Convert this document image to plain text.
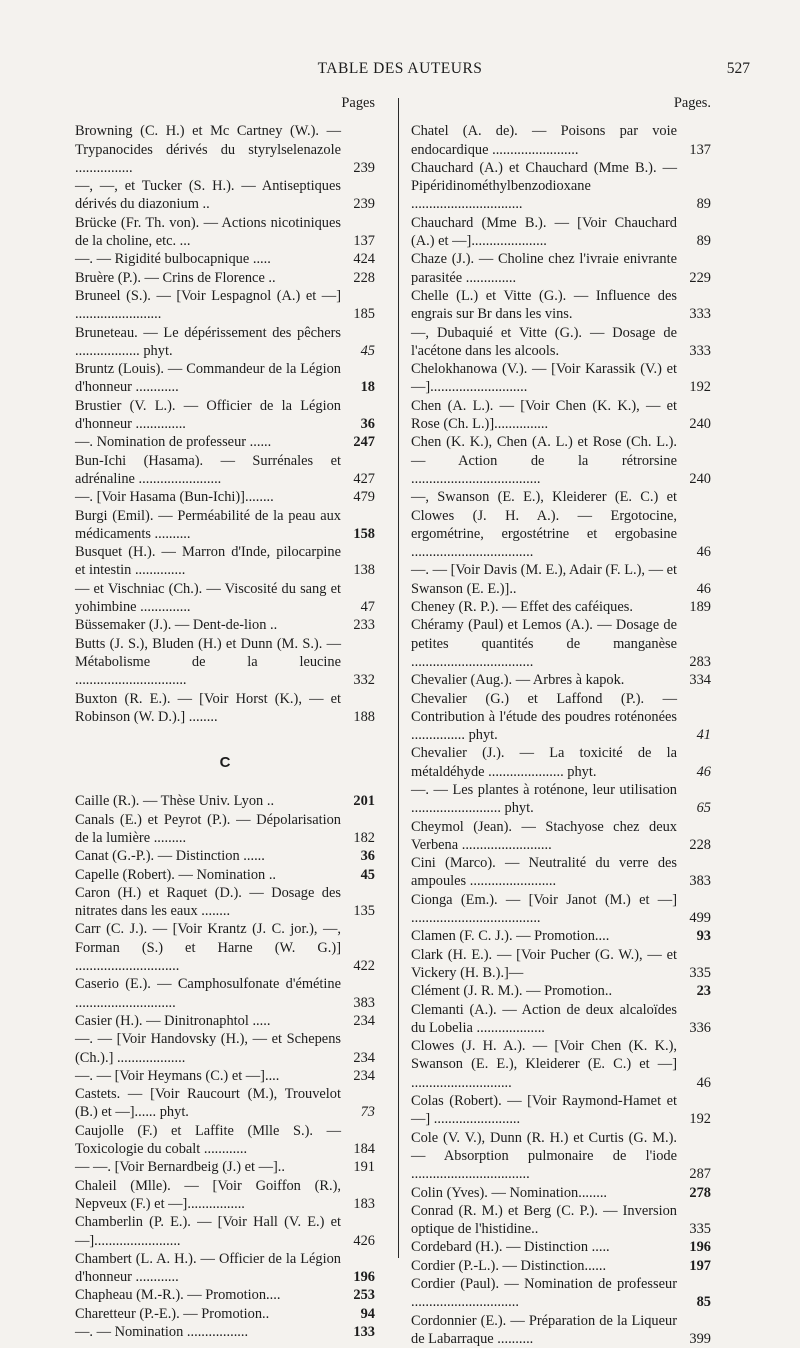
TABLE DES AUTEURS	527
Pages
Browning (C. H.) et Mc Cartney (W.). — Trypanocides dérivés du styrylselenazole ................	239
—, —, et Tucker (S. H.). — Antiseptiques dérivés du diazonium ..	239
Brücke (Fr. Th. von). — Actions nicotiniques de la choline, etc. ...	137
—. — Rigidité bulbocapnique .....	424
Bruère (P.). — Crins de Florence ..	228
Bruneel (S.). — [Voir Lespagnol (A.) et —] ........................	185
Bruneteau. — Le dépérissement des pêchers .................. phyt.	45
Bruntz (Louis). — Commandeur de la Légion d'honneur ............	18
Brustier (V. L.). — Officier de la Légion d'honneur ..............	36
—. Nomination de professeur ......	247
Bun-Ichi (Hasama). — Surrénales et adrénaline .......................	427
—. [Voir Hasama (Bun-Ichi)]........	479
Burgi (Emil). — Perméabilité de la peau aux médicaments ..........	158
Busquet (H.). — Marron d'Inde, pilocarpine et intestin ..............	138
— et Vischniac (Ch.). — Viscosité du sang et yohimbine ..............	47
Büssemaker (J.). — Dent-de-lion ..	233
Butts (J. S.), Bluden (H.) et Dunn (M. S.). — Métabolisme de la leucine ...............................	332
Buxton (R. E.). — [Voir Horst (K.), — et Robinson (W. D.).] ........	188
C
Caille (R.). — Thèse Univ. Lyon ..	201
Canals (E.) et Peyrot (P.). — Dépolarisation de la lumière .........	182
Canat (G.-P.). — Distinction ......	36
Capelle (Robert). — Nomination ..	45
Caron (H.) et Raquet (D.). — Dosage des nitrates dans les eaux ........	135
Carr (C. J.). — [Voir Krantz (J. C. jor.), —, Forman (S.) et Harne (W. G.)] .............................	422
Caserio (E.). — Camphosulfonate d'émétine ............................	383
Casier (H.). — Dinitronaphtol .....	234
—. — [Voir Handovsky (H.), — et Schepens (Ch.).] ...................	234
—. — [Voir Heymans (C.) et —]....	234
Castets. — [Voir Raucourt (M.), Trouvelot (B.) et —]...... phyt.	73
Caujolle (F.) et Laffite (Mlle S.). — Toxicologie du cobalt ............	184
— —. [Voir Bernardbeig (J.) et —]..	191
Chaleil (Mlle). — [Voir Goiffon (R.), Nepveux (F.) et —]................	183
Chamberlin (P. E.). — [Voir Hall (V. E.) et —]........................	426
Chambert (L. A. H.). — Officier de la Légion d'honneur ............	196
Chapheau (M.-R.). — Promotion....	253
Charetteur (P.-E.). — Promotion..	94
—. — Nomination .................	133
Pages.
Chatel (A. de). — Poisons par voie endocardique ........................	137
Chauchard (A.) et Chauchard (Mme B.). — Pipéridinométhylbenzodioxane ...............................	89
Chauchard (Mme B.). — [Voir Chauchard (A.) et —].....................	89
Chaze (J.). — Choline chez l'ivraie enivrante parasitée ..............	229
Chelle (L.) et Vitte (G.). — Influence des engrais sur Br dans les vins.	333
—, Dubaquié et Vitte (G.). — Dosage de l'acétone dans les alcools.	333
Chelokhanowa (V.). — [Voir Karassik (V.) et —]...........................	192
Chen (A. L.). — [Voir Chen (K. K.), — et Rose (Ch. L.)]...............	240
Chen (K. K.), Chen (A. L.) et Rose (Ch. L.). — Action de la rétrorsine ....................................	240
—, Swanson (E. E.), Kleiderer (E. C.) et Clowes (J. H. A.). — Ergotocine, ergométrine, ergostétrine et ergobasine ..................................	46
—. — [Voir Davis (M. E.), Adair (F. L.), — et Swanson (E. E.)]..	46
Cheney (R. P.). — Effet des caféiques.	189
Chéramy (Paul) et Lemos (A.). — Dosage de petites quantités de manganèse ..................................	283
Chevalier (Aug.). — Arbres à kapok.	334
Chevalier (G.) et Laffond (P.). — Contribution à l'étude des poudres roténonées ............... phyt.	41
Chevalier (J.). — La toxicité de la métaldéhyde ..................... phyt.	46
—. — Les plantes à roténone, leur utilisation ......................... phyt.	65
Cheymol (Jean). — Stachyose chez deux Verbena .........................	228
Cini (Marco). — Neutralité du verre des ampoules ........................	383
Cionga (Em.). — [Voir Janot (M.) et —] ....................................	499
Clamen (F. C. J.). — Promotion....	93
Clark (H. E.). — [Voir Pucher (G. W.), — et Vickery (H. B.).]—	335
Clément (J. R. M.). — Promotion..	23
Clemanti (A.). — Action de deux alcaloïdes du Lobelia ...................	336
Clowes (J. H. A.). — [Voir Chen (K. K.), Swanson (E. E.), Kleiderer (E. C.) et —] ............................	46
Colas (Robert). — [Voir Raymond-Hamet et —] ........................	192
Cole (V. V.), Dunn (R. H.) et Curtis (G. M.). — Absorption pulmonaire de l'iode .................................	287
Colin (Yves). — Nomination........	278
Conrad (R. M.) et Berg (C. P.). — Inversion optique de l'histidine..	335
Cordebard (H.). — Distinction .....	196
Cordier (P.-L.). — Distinction......	197
Cordier (Paul). — Nomination de professeur ..............................	85
Cordonnier (E.). — Préparation de la Liqueur de Labarraque ..........	399
